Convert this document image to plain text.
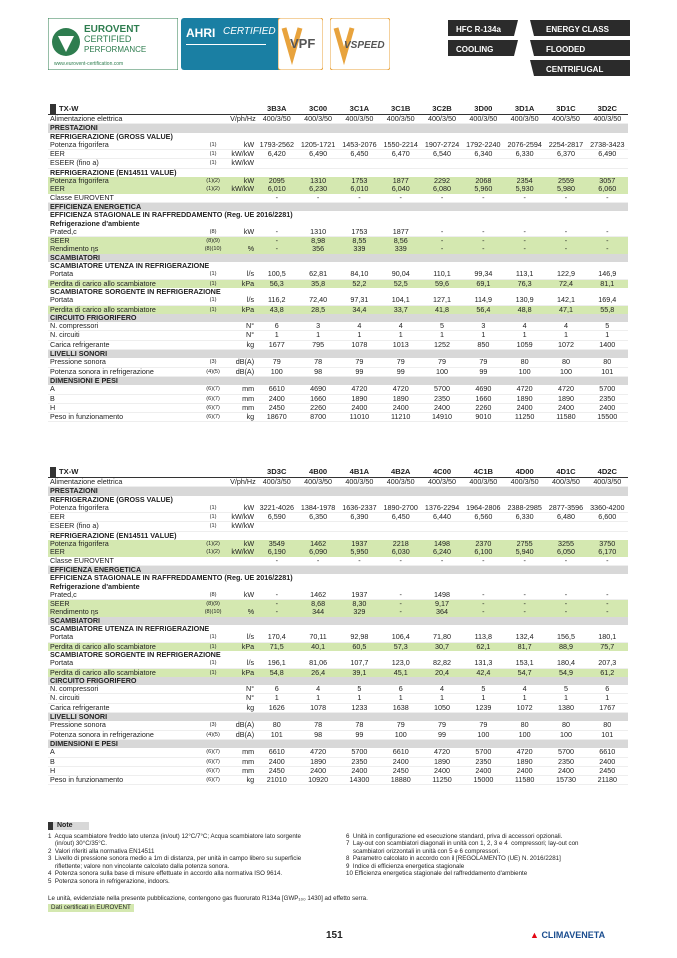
EUROVENT
CERTIFIED
PERFORMANCE
www.eurovent-certification.com
AHRI CERTIFIED
VPF	VSPEED
HFC R-134a
COOLING
ENERGY CLASS
FLOODED
CENTRIFUGAL
TX-W			3B3A	3C00	3C1A	3C1B	3C2B	3D00	3D1A	3D1C	3D2C
Alimentazione elettrica		V/ph/Hz	400/3/50	400/3/50	400/3/50	400/3/50	400/3/50	400/3/50	400/3/50	400/3/50	400/3/50
PRESTAZIONI											
REFRIGERAZIONE (GROSS VALUE)											
Potenza frigorifera	(1)	kW	1793-2562	1205-1721	1453-2076	1550-2214	1907-2724	1792-2240	2076-2594	2254-2817	2738-3423
EER	(1)	kW/kW	6,420	6,490	6,450	6,470	6,540	6,340	6,330	6,370	6,490
ESEER (fino a)	(1)	kW/kW									
REFRIGERAZIONE (EN14511 VALUE)											
Potenza frigorifera	(1)(2)	kW	2095	1310	1753	1877	2292	2068	2354	2559	3057
EER	(1)(2)	kW/kW	6,010	6,230	6,010	6,040	6,080	5,960	5,930	5,980	6,060
Classe EUROVENT			-	-	-	-	-	-	-	-	-
EFFICIENZA ENERGETICA											
EFFICIENZA STAGIONALE IN RAFFREDDAMENTO (Reg. UE 2016/2281)											
Refrigerazione d'ambiente											
Prated,c	(8)	kW	-	1310	1753	1877	-	-	-	-	-
SEER	(8)(9)		-	8,98	8,55	8,56	-	-	-	-	-
Rendimento ηs	(8)(10)	%	-	356	339	339	-	-	-	-	-
SCAMBIATORI											
SCAMBIATORE UTENZA IN REFRIGERAZIONE											
Portata	(1)	l/s	100,5	62,81	84,10	90,04	110,1	99,34	113,1	122,9	146,9
Perdita di carico allo scambiatore	(1)	kPa	56,3	35,8	52,2	52,5	59,6	69,1	76,3	72,4	81,1
SCAMBIATORE SORGENTE IN REFRIGERAZIONE											
Portata	(1)	l/s	116,2	72,40	97,31	104,1	127,1	114,9	130,9	142,1	169,4
Perdita di carico allo scambiatore	(1)	kPa	43,8	28,5	34,4	33,7	41,8	56,4	48,8	47,1	55,8
CIRCUITO FRIGORIFERO											
N. compressori		N°	6	3	4	4	5	3	4	4	5
N. circuiti		N°	1	1	1	1	1	1	1	1	1
Carica refrigerante		kg	1677	795	1078	1013	1252	850	1059	1072	1400
LIVELLI SONORI											
Pressione sonora	(3)	dB(A)	79	78	79	79	79	79	80	80	80
Potenza sonora in refrigerazione	(4)(5)	dB(A)	100	98	99	99	100	99	100	100	101
DIMENSIONI E PESI											
A	(6)(7)	mm	6610	4690	4720	4720	5700	4690	4720	4720	5700
B	(6)(7)	mm	2400	1660	1890	1890	2350	1660	1890	1890	2350
H	(6)(7)	mm	2450	2260	2400	2400	2400	2260	2400	2400	2400
Peso in funzionamento	(6)(7)	kg	18670	8700	11010	11210	14910	9010	11250	11580	15500
TX-W			3D3C	4B00	4B1A	4B2A	4C00	4C1B	4D00	4D1C	4D2C
Alimentazione elettrica		V/ph/Hz	400/3/50	400/3/50	400/3/50	400/3/50	400/3/50	400/3/50	400/3/50	400/3/50	400/3/50
PRESTAZIONI											
REFRIGERAZIONE (GROSS VALUE)											
Potenza frigorifera	(1)	kW	3221-4026	1384-1978	1636-2337	1890-2700	1376-2294	1964-2806	2388-2985	2877-3596	3360-4200
EER	(1)	kW/kW	6,590	6,350	6,390	6,450	6,440	6,560	6,330	6,480	6,600
ESEER (fino a)	(1)	kW/kW									
REFRIGERAZIONE (EN14511 VALUE)											
Potenza frigorifera	(1)(2)	kW	3549	1462	1937	2218	1498	2370	2755	3255	3750
EER	(1)(2)	kW/kW	6,190	6,090	5,950	6,030	6,240	6,100	5,940	6,050	6,170
Classe EUROVENT			-	-	-	-	-	-	-	-	-
EFFICIENZA ENERGETICA											
EFFICIENZA STAGIONALE IN RAFFREDDAMENTO (Reg. UE 2016/2281)											
Refrigerazione d'ambiente											
Prated,c	(8)	kW	-	1462	1937	-	1498	-	-	-	-
SEER	(8)(9)		-	8,68	8,30	-	9,17	-	-	-	-
Rendimento ηs	(8)(10)	%	-	344	329	-	364	-	-	-	-
SCAMBIATORI											
SCAMBIATORE UTENZA IN REFRIGERAZIONE											
Portata	(1)	l/s	170,4	70,11	92,98	106,4	71,80	113,8	132,4	156,5	180,1
Perdita di carico allo scambiatore	(1)	kPa	71,5	40,1	60,5	57,3	30,7	62,1	81,7	88,9	75,7
SCAMBIATORE SORGENTE IN REFRIGERAZIONE											
Portata	(1)	l/s	196,1	81,06	107,7	123,0	82,82	131,3	153,1	180,4	207,3
Perdita di carico allo scambiatore	(1)	kPa	54,8	26,4	39,1	45,1	20,4	42,4	54,7	54,9	61,2
CIRCUITO FRIGORIFERO											
N. compressori		N°	6	4	5	6	4	5	4	5	6
N. circuiti		N°	1	1	1	1	1	1	1	1	1
Carica refrigerante		kg	1626	1078	1233	1638	1050	1239	1072	1380	1767
LIVELLI SONORI											
Pressione sonora	(3)	dB(A)	80	78	78	79	79	79	80	80	80
Potenza sonora in refrigerazione	(4)(5)	dB(A)	101	98	99	100	99	100	100	100	101
DIMENSIONI E PESI											
A	(6)(7)	mm	6610	4720	5700	6610	4720	5700	4720	5700	6610
B	(6)(7)	mm	2400	1890	2350	2400	1890	2350	1890	2350	2400
H	(6)(7)	mm	2450	2400	2400	2450	2400	2400	2400	2400	2450
Peso in funzionamento	(6)(7)	kg	21010	10920	14300	18880	11250	15000	11580	15730	21180
Note
1  Acqua scambiatore freddo lato utenza (in/out) 12°C/7°C; Acqua scambiatore lato sorgente
(in/out) 30°C/35°C.
2  Valori riferiti alla normativa EN14511
3  Livello di pressione sonora medio a 1m di distanza, per unità in campo libero su superficie
riflettente; valore non vincolante calcolato dalla potenza sonora.
4  Potenza sonora sulla base di misure effettuate in accordo alla normativa ISO 9614.
5  Potenza sonora in refrigerazione, indoors.
6  Unità in configurazione ed esecuzione standard, priva di accessori opzionali.
7  Lay-out con scambiatori diagonali in unità con 1, 2, 3 e 4  compressori; lay-out con
scambiatori orizzontali in unità con 5 e 6 compressori.
8  Parametro calcolato in accordo con il [REGOLAMENTO (UE) N. 2016/2281]
9  Indice di efficienza energetica stagionale
10 Efficienza energetica stagionale del raffreddamento d'ambiente
Le unità, evidenziate nella presente pubblicazione, contengono gas fluorurato R134a [GWP₁₀₀ 1430] ad effetto serra.
Dati certificati in EUROVENT
151	▲ CLIMAVENETA
